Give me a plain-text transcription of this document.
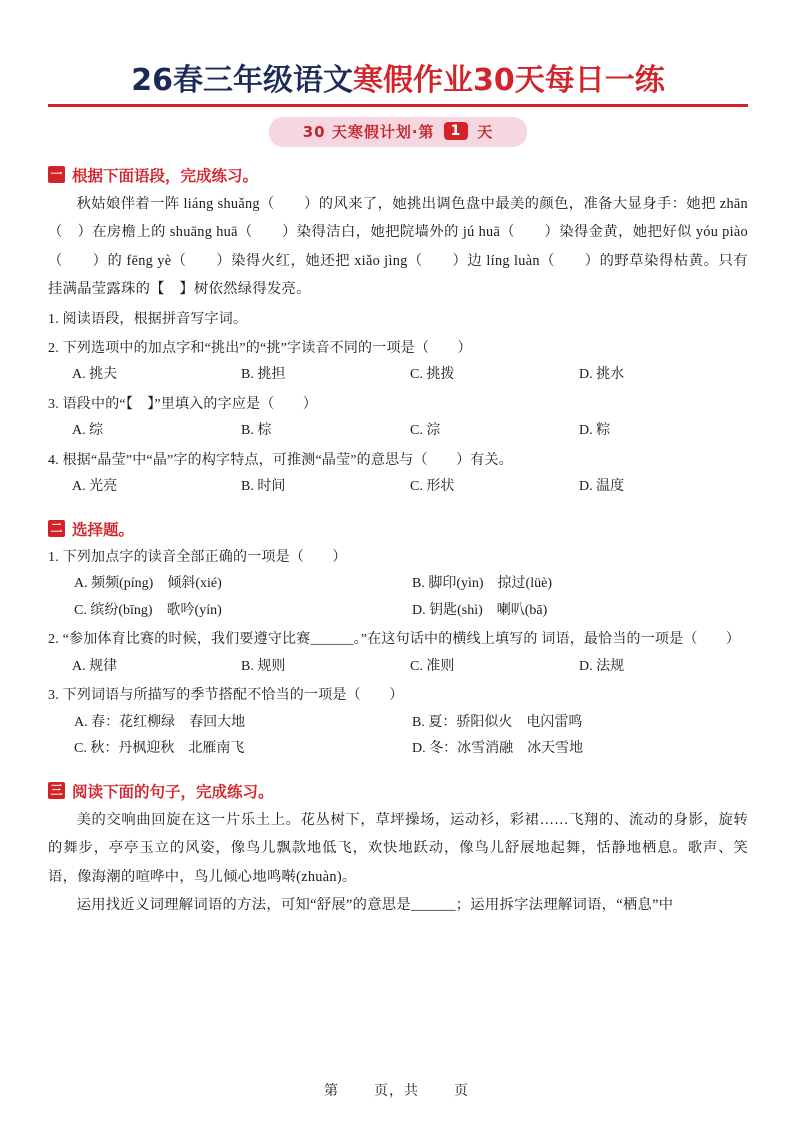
26春三年级语文寒假作业30天每日一练
30 天寒假计划·第	1	天
一 根据下面语段，完成练习。
秋姑娘伴着一阵 liáng shuǎng（　　）的风来了，她挑出调色盘中最美的颜色，准备大显身手：她把 zhān（　）在房檐上的 shuāng huā（　　）染得洁白，她把院墙外的 jú huā（　　）染得金黄，她把好似 yóu piào（　　）的 fēng yè（　　）染得火红，她还把 xiǎo jìng（　　）边 líng luàn（　　）的野草染得枯黄。只有挂满晶莹露珠的【　】树依然绿得发亮。
1. 阅读语段，根据拼音写字词。
2. 下列选项中的加点字和“挑出”的“挑”字读音不同的一项是（　　）
A. 挑夫	B. 挑担	C. 挑拨	D. 挑水
3. 语段中的“【　】”里填入的字应是（　　）
A. 综	B. 棕	C. 淙	D. 粽
4. 根据“晶莹”中“晶”字的构字特点，可推测“晶莹”的意思与（　　）有关。
A. 光亮	B. 时间	C. 形状	D. 温度
二 选择题。
1. 下列加点字的读音全部正确的一项是（　　）
A. 频频(píng)　倾斜(xié)	B. 脚印(yìn)　掠过(lüè)
C. 缤纷(bīng)　歌吟(yín)	D. 钥匙(shì)　喇叭(bā)
2. “参加体育比赛的时候，我们要遵守比赛______。”在这句话中的横线上填写的 词语，最恰当的一项是（　　）
A. 规律	B. 规则	C. 准则	D. 法规
3. 下列词语与所描写的季节搭配不恰当的一项是（　　）
A. 春：花红柳绿　春回大地	B. 夏：骄阳似火　电闪雷鸣
C. 秋：丹枫迎秋　北雁南飞	D. 冬：冰雪消融　冰天雪地
三 阅读下面的句子，完成练习。
美的交响曲回旋在这一片乐土上。花丛树下，草坪操场，运动衫，彩裙……飞翔的、流动的身影，旋转的舞步，亭亭玉立的风姿，像鸟儿飘款地低飞，欢快地跃动，像鸟儿舒展地起舞，恬静地栖息。歌声、笑语，像海潮的喧哗中，鸟儿倾心地鸣啭(zhuàn)。
运用找近义词理解词语的方法，可知“舒展”的意思是______；运用拆字法理解词语，“栖息”中
第	页，共	页
